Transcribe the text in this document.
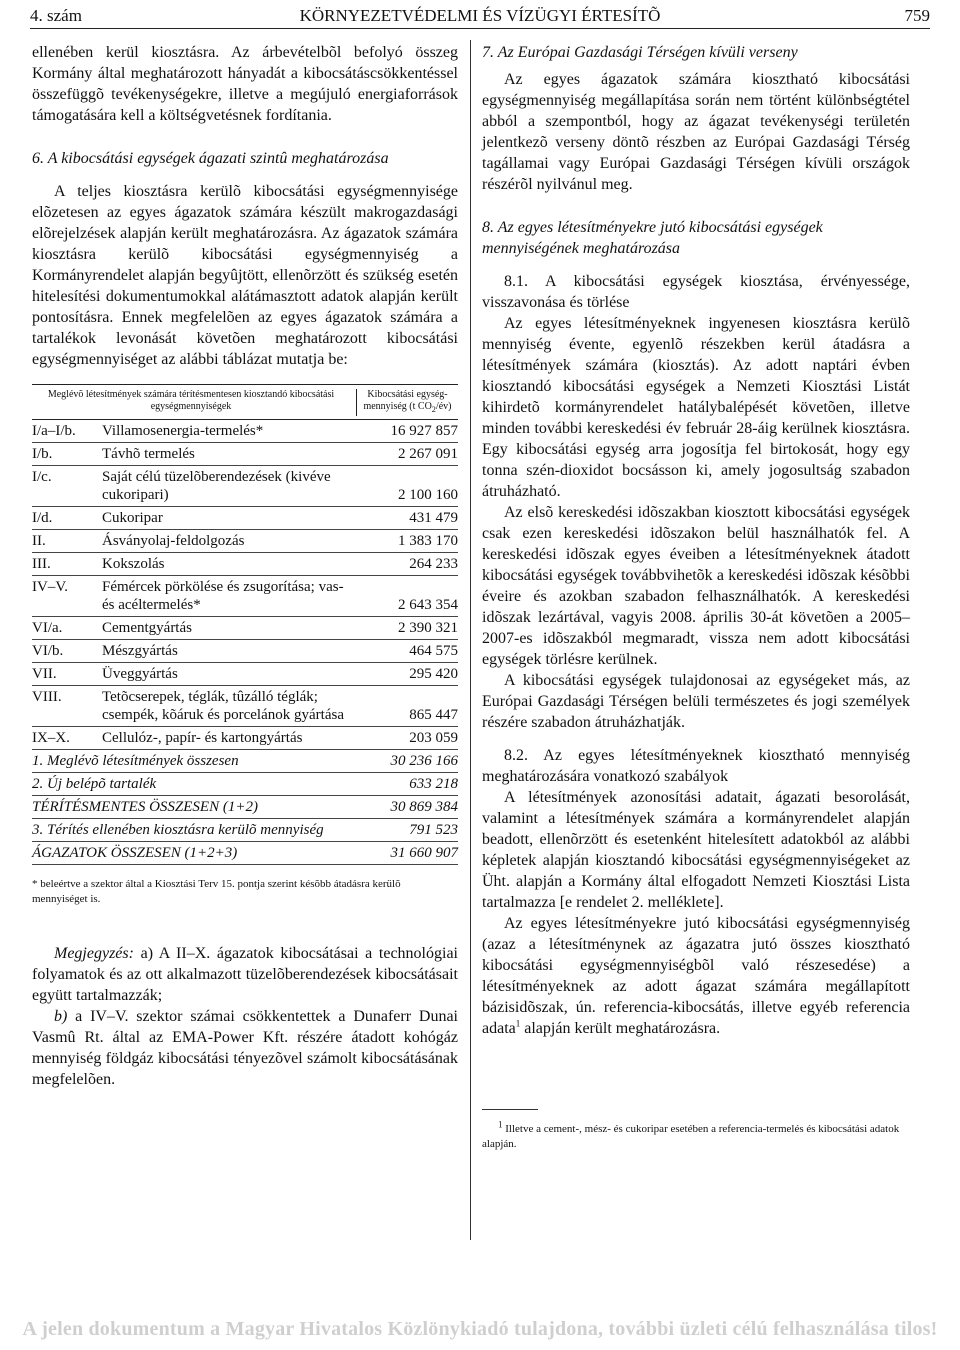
4. szám	KÖRNYEZETVÉDELMI ÉS VÍZÜGYI ÉRTESÍTÕ	759

ellenében kerül kiosztásra. Az árbevételbõl befolyó összeg Kormány által meghatározott hányadát a kibocsátáscsökkentéssel összefüggõ tevékenységekre, illetve a megújuló energiaforrások támogatására kell a költségvetésnek fordítania.

6. A kibocsátási egységek ágazati szintû meghatározása

A teljes kiosztásra kerülõ kibocsátási egységmennyisége elõzetesen az egyes ágazatok számára készült makrogazdasági elõrejelzések alapján került meghatározásra. Az ágazatok számára kiosztásra kerülõ kibocsátási egységmennyiség a Kormányrendelet alapján begyûjtött, ellenõrzött és szükség esetén hitelesítési dokumentumokkal alátámasztott adatok alapján került pontosításra. Ennek megfelelõen az egyes ágazatok számára a tartalékok levonását követõen meghatározott kibocsátási egységmennyiséget az alábbi táblázat mutatja be:

Meglévõ létesítmények számára térítésmentesen kiosztandó kibocsátási egységmennyiségek
Kibocsátási egység-mennyiség (t $CO_2/év$)
I/a–I/b.	Villamosenergia-termelés*	16 927 857
I/b.	Távhõ termelés	2 267 091
I/c.	Saját célú tüzelõberendezések (kivéve cukoripari)	2 100 160
I/d.	Cukoripar	431 479
II.	Ásványolaj-feldolgozás	1 383 170
III.	Kokszolás	264 233
IV–V.	Fémércek pörkölése és zsugorítása; vas- és acéltermelés*	2 643 354
VI/a.	Cementgyártás	2 390 321
VI/b.	Mészgyártás	464 575
VII.	Üveggyártás	295 420
VIII.	Tetõcserepek, téglák, tûzálló téglák; csempék, kõáruk és porcelánok gyártása	865 447
IX–X.	Cellulóz-, papír- és kartongyártás	203 059
1. Meglévõ létesítmények összesen	30 236 166
2. Új belépõ tartalék	633 218
TÉRÍTÉSMENTES ÖSSZESEN (1+2)	30 869 384
3. Térítés ellenében kiosztásra kerülõ mennyiség	791 523
ÁGAZATOK ÖSSZESEN (1+2+3)	31 660 907

* beleértve a szektor által a Kiosztási Terv 15. pontja szerint késõbb átadásra kerülõ mennyiséget is.

Megjegyzés: a) A II–X. ágazatok kibocsátásai a technológiai folyamatok és az ott alkalmazott tüzelõberendezések kibocsátásait együtt tartalmazzák;

b) a IV–V. szektor számai csökkentettek a Dunaferr Dunai Vasmû Rt. által az EMA-Power Kft. részére átadott kohógáz mennyiség földgáz kibocsátási tényezõvel számolt kibocsátásának megfelelõen.

7. Az Európai Gazdasági Térségen kívüli verseny

Az egyes ágazatok számára kiosztható kibocsátási egységmennyiség megállapítása során nem történt különbségtétel abból a szempontból, hogy az ágazat tevékenységi területén jelentkezõ verseny döntõ részben az Európai Gazdasági Térség tagállamai vagy Európai Gazdasági Térségen kívüli országok részérõl nyilvánul meg.

8. Az egyes létesítményekre jutó kibocsátási egységek mennyiségének meghatározása

8.1. A kibocsátási egységek kiosztása, érvényessége, visszavonása és törlése

Az egyes létesítményeknek ingyenesen kiosztásra kerülõ mennyiség évente, egyenlõ részekben kerül átadásra a létesítmények számára (kiosztás). Az adott naptári évben kiosztandó kibocsátási egységek a Nemzeti Kiosztási Listát kihirdetõ kormányrendelet hatálybalépését követõen, illetve minden további kereskedési év február 28-áig kerülnek kiosztásra. Egy kibocsátási egység arra jogosítja fel birtokosát, hogy egy tonna szén-dioxidot bocsásson ki, amely jogosultság szabadon átruházható.

Az elsõ kereskedési idõszakban kiosztott kibocsátási egységek csak ezen kereskedési idõszakon belül használhatók fel. A kereskedési idõszak egyes éveiben a létesítményeknek átadott kibocsátási egységek továbbvihetõk a kereskedési idõszak késõbbi éveire és azokban szabadon felhasználhatók. A kereskedési idõszak lezártával, vagyis 2008. április 30-át követõen a 2005–2007-es idõszakból megmaradt, vissza nem adott kibocsátási egységek törlésre kerülnek.

A kibocsátási egységek tulajdonosai az egységeket más, az Európai Gazdasági Térségen belüli természetes és jogi személyek részére szabadon átruházhatják.

8.2. Az egyes létesítményeknek kiosztható mennyiség meghatározására vonatkozó szabályok

A létesítmények azonosítási adatait, ágazati besorolását, valamint a létesítmények számára a kormányrendelet alapján beadott, ellenõrzött és esetenként hitelesített adatokból az alábbi képletek alapján kiosztandó kibocsátási egységmennyiségeket az Üht. alapján a Kormány által elfogadott Nemzeti Kiosztási Lista tartalmazza [e rendelet 2. melléklete].

Az egyes létesítményekre jutó kibocsátási egységmennyiség (azaz a létesítménynek az ágazatra jutó összes kiosztható kibocsátási egységmennyiségbõl való részesedése) a létesítményeknek az adott ágazat számára megállapított bázisidõszak, ún. referencia-kibocsátás, illetve egyéb referencia adata$^1$ alapján került meghatározásra.

$^1$ Illetve a cement-, mész- és cukoripar esetében a referencia-termelés és kibocsátási adatok alapján.

A jelen dokumentum a Magyar Hivatalos Közlönykiadó tulajdona, további üzleti célú felhasználása tilos!
